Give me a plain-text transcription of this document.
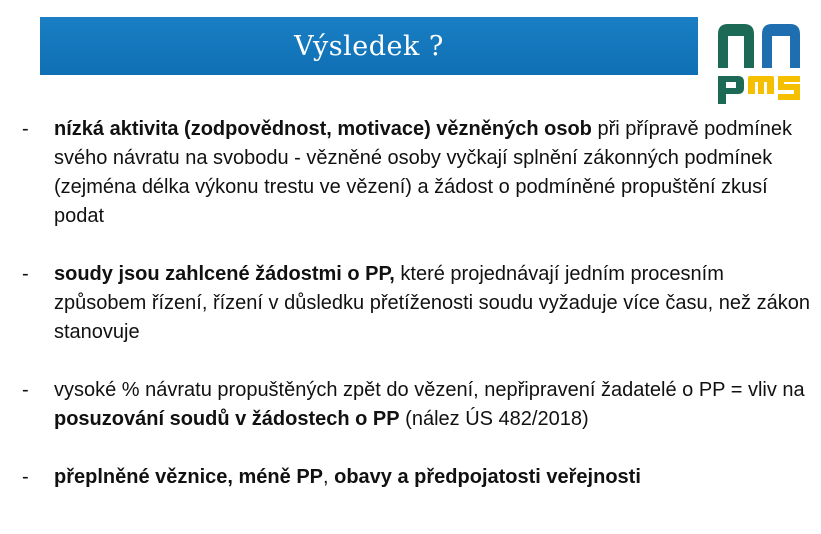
Výsledek ?
-	nízká aktivita (zodpovědnost, motivace) vězněných osob při přípravě podmínek svého návratu na svobodu - vězněné osoby vyčkají splnění zákonných podmínek (zejména délka výkonu trestu ve vězení) a žádost o podmíněné propuštění zkusí podat
-	soudy jsou zahlcené žádostmi o PP, které projednávají jedním procesním způsobem řízení, řízení v důsledku přetíženosti soudu vyžaduje více času, než zákon stanovuje
-	vysoké % návratu propuštěných zpět do vězení, nepřipravení žadatelé o PP = vliv na posuzování soudů v žádostech o PP (nález ÚS 482/2018)
-	přeplněné věznice, méně PP, obavy a předpojatosti veřejnosti
